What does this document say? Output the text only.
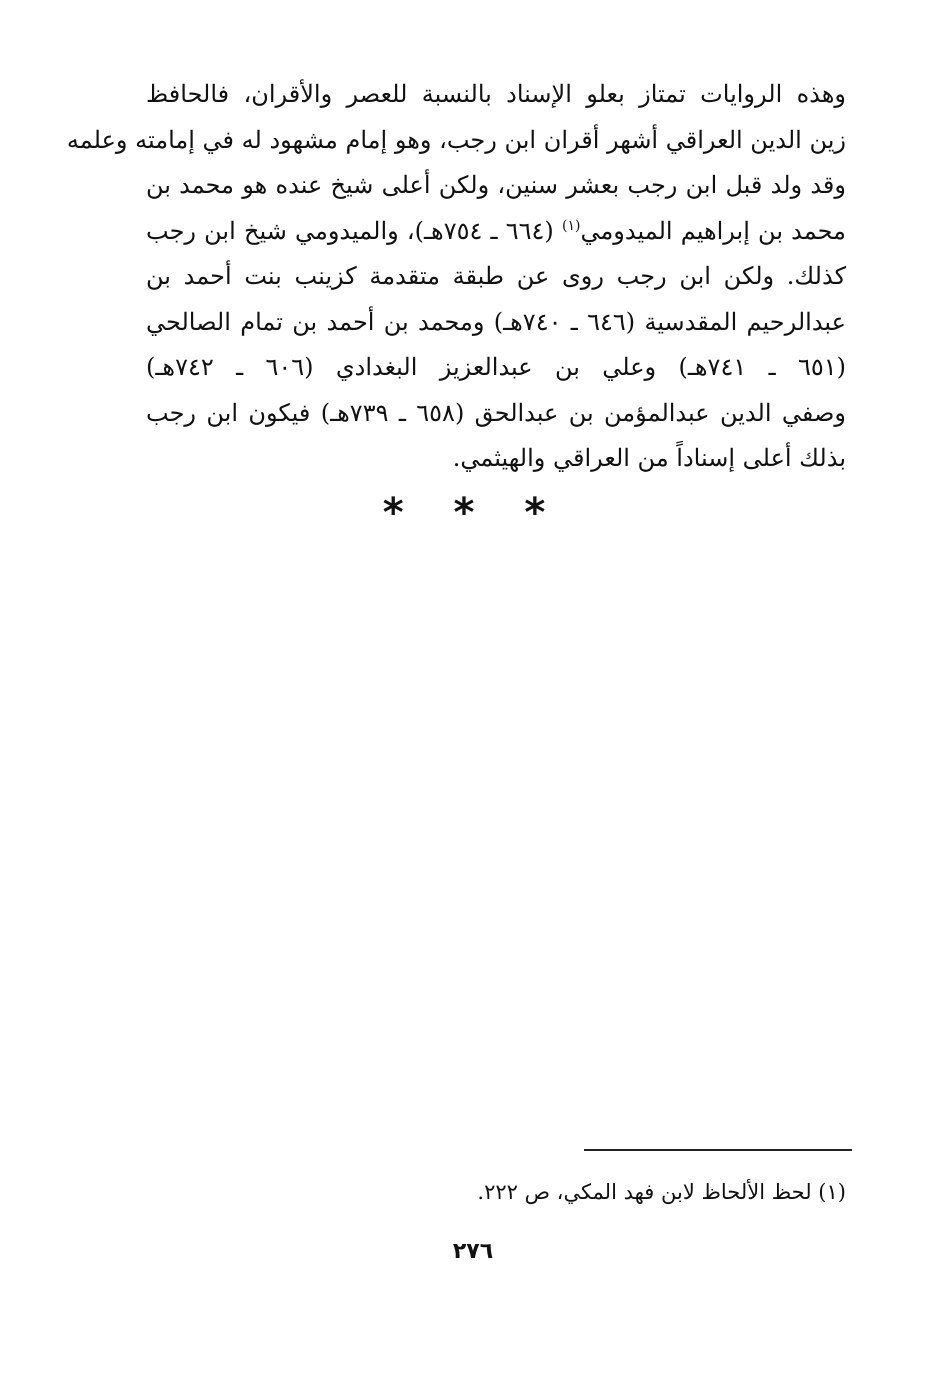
وهذه الروايات تمتاز بعلو الإسناد بالنسبة للعصر والأقران، فالحافظ
زين الدين العراقي أشهر أقران ابن رجب، وهو إمام مشهود له في إمامته وعلمه
وقد ولد قبل ابن رجب بعشر سنين، ولكن أعلى شيخ عنده هو محمد بن
محمد بن إبراهيم الميدومي$^{(١)}$ (٦٦٤ ـ ٧٥٤هـ)، والميدومي شيخ ابن رجب
كذلك. ولكن ابن رجب روى عن طبقة متقدمة كزينب بنت أحمد بن
عبدالرحيم المقدسية (٦٤٦ ـ ٧٤٠هـ) ومحمد بن أحمد بن تمام الصالحي
(٦٥١ ـ ٧٤١هـ) وعلي بن عبدالعزيز البغدادي (٦٠٦ ـ ٧٤٢هـ)
وصفي الدين عبدالمؤمن بن عبدالحق (٦٥٨ ـ ٧٣٩هـ) فيكون ابن رجب
بذلك أعلى إسناداً من العراقي والهيثمي.
* * *
(١) لحظ الألحاظ لابن فهد المكي، ص ٢٢٢.
٢٧٦
